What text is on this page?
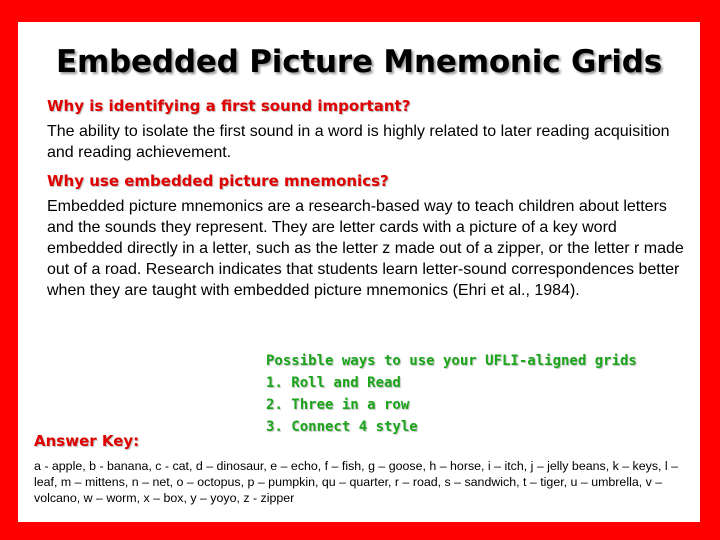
Embedded Picture Mnemonic Grids

Why is identifying a first sound important?

The ability to isolate the first sound in a word is highly related to later reading acquisition and reading achievement.

Why use embedded picture mnemonics?

Embedded picture mnemonics are a research-based way to teach children about letters and the sounds they represent. They are letter cards with a picture of a key word embedded directly in a letter, such as the letter z made out of a zipper, or the letter r made out of a road. Research indicates that students learn letter-sound correspondences better when they are taught with embedded picture mnemonics (Ehri et al., 1984).

Possible ways to use your UFLI-aligned grids
1. Roll and Read
2. Three in a row
3. Connect 4 style

Answer Key:

a - apple, b - banana, c - cat, d – dinosaur, e – echo, f – fish, g – goose, h – horse, i – itch, j – jelly beans, k – keys, l – leaf, m – mittens, n – net, o – octopus, p – pumpkin, qu – quarter, r – road, s – sandwich, t – tiger, u – umbrella, v – volcano, w – worm, x – box, y – yoyo, z - zipper
